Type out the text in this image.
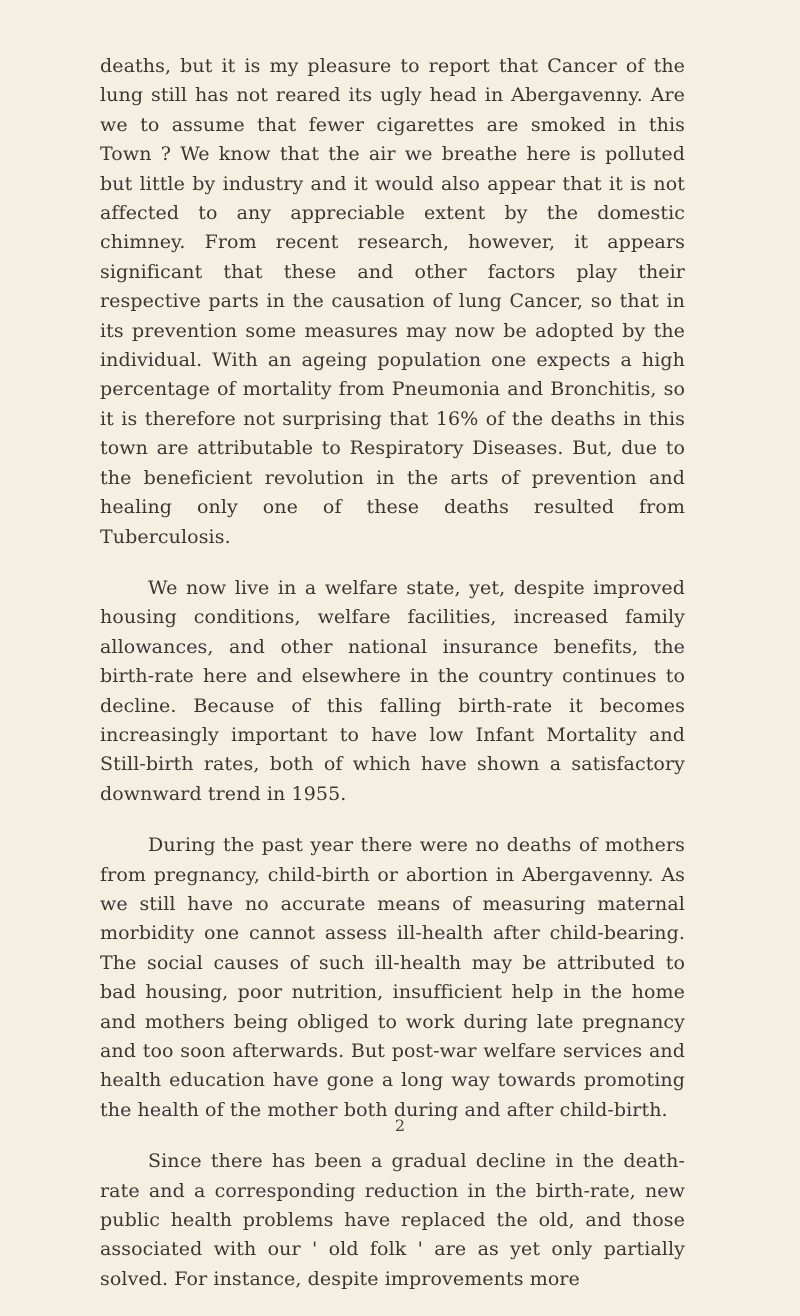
deaths, but it is my pleasure to report that Cancer of the lung still has not reared its ugly head in Abergavenny. Are we to assume that fewer cigarettes are smoked in this Town ? We know that the air we breathe here is polluted but little by industry and it would also appear that it is not affected to any appreciable extent by the domestic chimney. From recent research, however, it appears significant that these and other factors play their respective parts in the causation of lung Cancer, so that in its prevention some measures may now be adopted by the individual. With an ageing population one expects a high percentage of mortality from Pneumonia and Bronchitis, so it is therefore not surprising that 16% of the deaths in this town are attributable to Respiratory Diseases. But, due to the beneficient revolution in the arts of prevention and healing only one of these deaths resulted from Tuberculosis.

We now live in a welfare state, yet, despite improved housing conditions, welfare facilities, increased family allowances, and other national insurance benefits, the birth-rate here and elsewhere in the country continues to decline. Because of this falling birth-rate it becomes increasingly important to have low Infant Mortality and Still-birth rates, both of which have shown a satisfactory downward trend in 1955.

During the past year there were no deaths of mothers from pregnancy, child-birth or abortion in Abergavenny. As we still have no accurate means of measuring maternal morbidity one cannot assess ill-health after child-bearing. The social causes of such ill-health may be attributed to bad housing, poor nutrition, insufficient help in the home and mothers being obliged to work during late pregnancy and too soon afterwards. But post-war welfare services and health education have gone a long way towards promoting the health of the mother both during and after child-birth.

Since there has been a gradual decline in the death-rate and a corresponding reduction in the birth-rate, new public health problems have replaced the old, and those associated with our ' old folk ' are as yet only partially solved. For instance, despite improvements more

2
